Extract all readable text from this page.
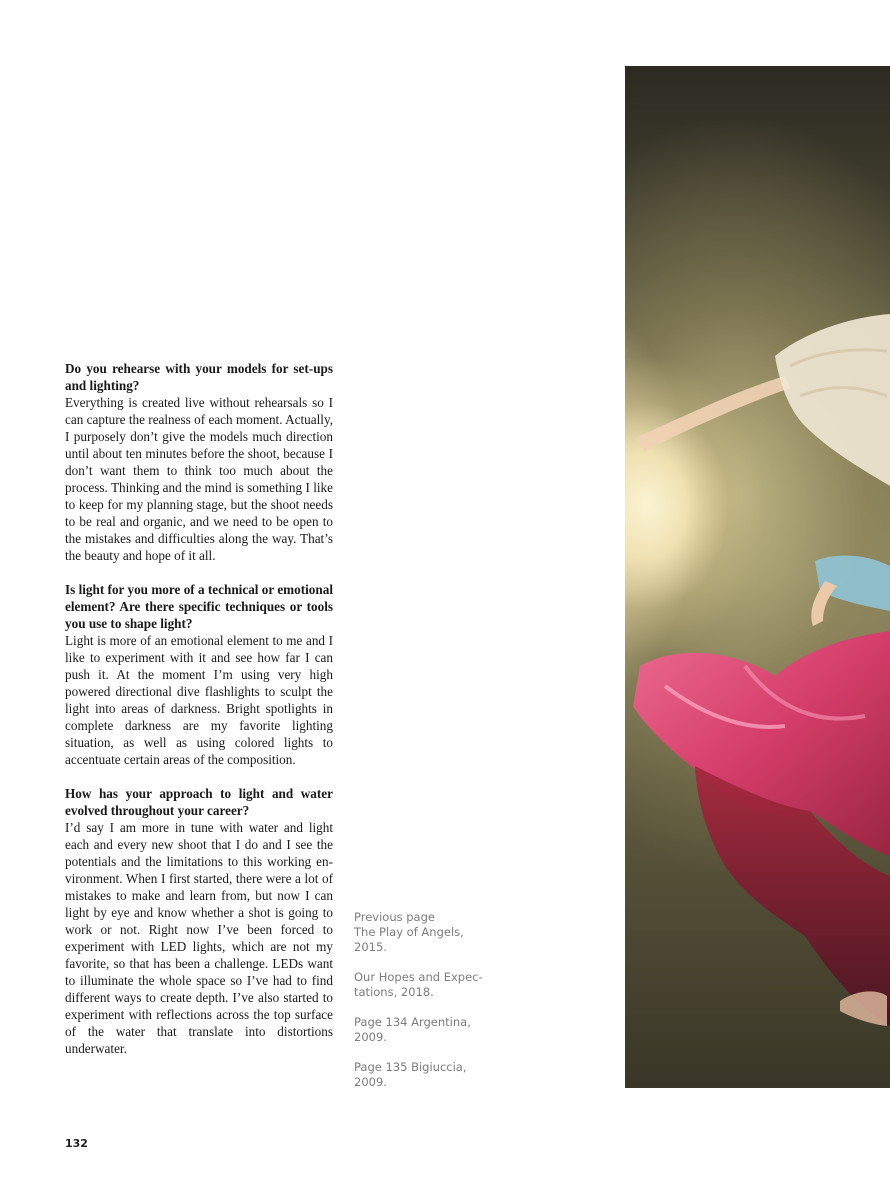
Do you rehearse with your models for set-ups and lighting?

Everything is created live without rehearsals so I can capture the realness of each moment. Actually, I purposely don’t give the models much direction until about ten minutes before the shoot, because I don’t want them to think too much about the process. Thinking and the mind is something I like to keep for my planning stage, but the shoot needs to be real and organic, and we need to be open to the mistakes and difficulties along the way. That’s the beauty and hope of it all.

Is light for you more of a technical or emotional element? Are there specific techniques or tools you use to shape light?

Light is more of an emotional element to me and I like to experiment with it and see how far I can push it. At the moment I’m using very high powered directional dive flashlights to sculpt the light into areas of darkness. Bright spotlights in complete darkness are my favorite lighting situation, as well as using colored lights to accentuate certain areas of the composition.

How has your approach to light and water evolved throughout your career?

I’d say I am more in tune with water and light each and every new shoot that I do and I see the potentials and the limitations to this working environment. When I first started, there were a lot of mistakes to make and learn from, but now I can light by eye and know whether a shot is going to work or not. Right now I’ve been forced to experiment with LED lights, which are not my favorite, so that has been a challenge. LEDs want to illuminate the whole space so I’ve had to find different ways to create depth. I’ve also started to experiment with reflections across the top surface of the water that translate into distortions underwater.

Previous page
The Play of Angels,
2015.

Our Hopes and Expec-
tations, 2018.

Page 134 Argentina,
2009.

Page 135 Bigiuccia,
2009.

132
